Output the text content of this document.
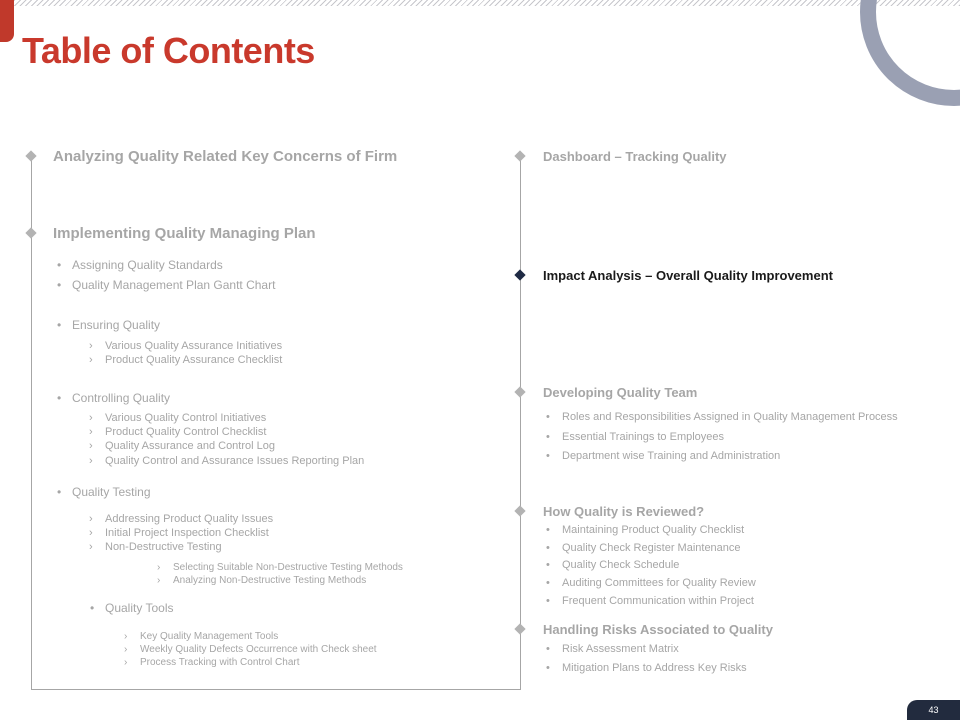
Table of Contents
Analyzing Quality Related Key Concerns of Firm
Implementing Quality Managing Plan
• Assigning Quality Standards
• Quality Management Plan Gantt Chart
• Ensuring Quality
› Various Quality Assurance Initiatives
› Product Quality Assurance Checklist
• Controlling Quality
› Various Quality Control Initiatives
› Product Quality Control Checklist
› Quality Assurance and Control Log
› Quality Control and Assurance Issues Reporting Plan
• Quality Testing
› Addressing Product Quality Issues
› Initial Project Inspection Checklist
› Non-Destructive Testing
› Selecting Suitable Non-Destructive Testing Methods
› Analyzing Non-Destructive Testing Methods
• Quality Tools
› Key Quality Management Tools
› Weekly Quality Defects Occurrence with Check sheet
› Process Tracking with Control Chart
Dashboard – Tracking Quality
Impact Analysis – Overall Quality Improvement
Developing Quality Team
• Roles and Responsibilities Assigned in Quality Management Process
• Essential Trainings to Employees
• Department wise Training and Administration
How Quality is Reviewed?
• Maintaining Product Quality Checklist
• Quality Check Register Maintenance
• Quality Check Schedule
• Auditing Committees for Quality Review
• Frequent Communication within Project
Handling Risks Associated to Quality
• Risk Assessment Matrix
• Mitigation Plans to Address Key Risks
43
